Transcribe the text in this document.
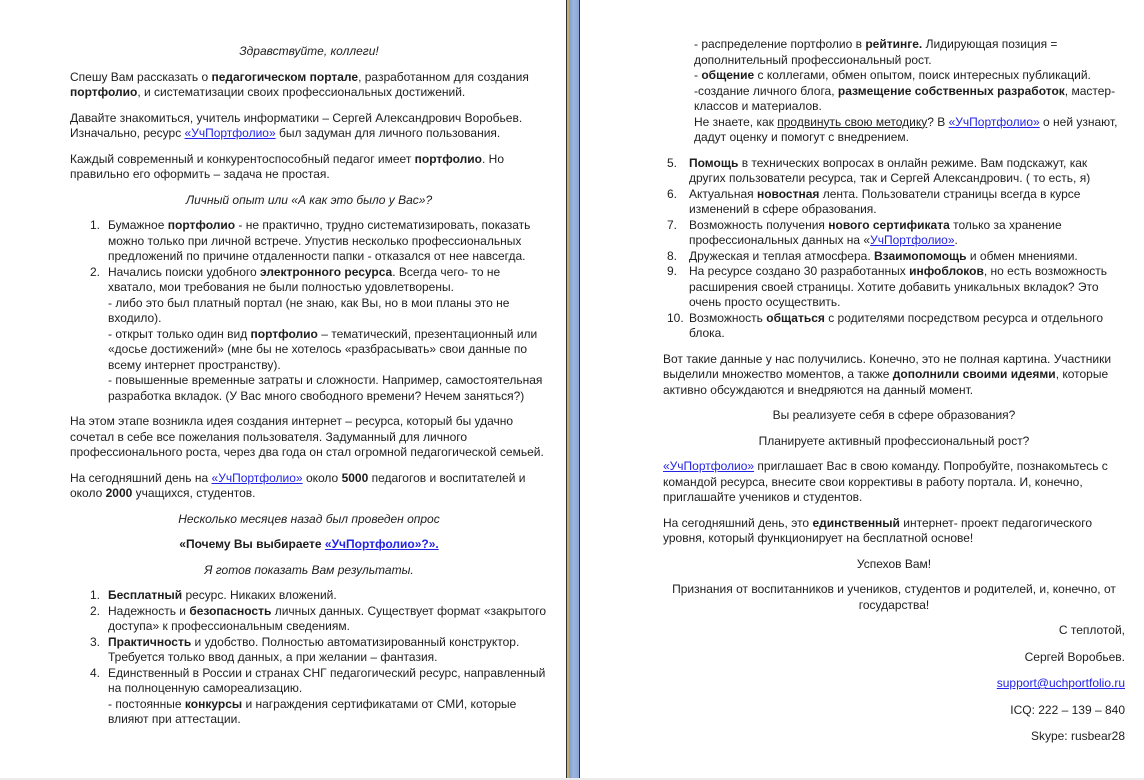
Здравствуйте, коллеги!
Спешу Вам рассказать о педагогическом портале, разработанном для создания портфолио, и систематизации своих профессиональных достижений.
Давайте знакомиться, учитель информатики – Сергей Александрович Воробьев. Изначально, ресурс «УчПортфолио» был задуман для личного пользования.
Каждый современный и конкурентоспособный педагог имеет портфолио. Но правильно его оформить – задача не простая.
Личный опыт или «А как это было у Вас»?
1. Бумажное портфолио - не практично, трудно систематизировать, показать можно только при личной встрече. Упустив несколько профессиональных предложений по причине отдаленности папки - отказался от нее навсегда.
2. Начались поиски удобного электронного ресурса. Всегда чего- то не хватало, мои требования не были полностью удовлетворены.
- либо это был платный портал (не знаю, как Вы, но в мои планы это не входило).
- открыт только один вид портфолио – тематический, презентационный или «досье достижений» (мне бы не хотелось «разбрасывать» свои данные по всему интернет пространству).
- повышенные временные затраты и сложности. Например, самостоятельная разработка вкладок. (У Вас много свободного времени? Нечем заняться?)
На этом этапе возникла идея создания интернет – ресурса, который бы удачно сочетал в себе все пожелания пользователя. Задуманный для личного профессионального роста, через два года он стал огромной педагогической семьей.
На сегодняшний день на «УчПортфолио» около 5000 педагогов и воспитателей и около 2000 учащихся, студентов.
Несколько месяцев назад был проведен опрос
«Почему Вы выбираете «УчПортфолио»?».
Я готов показать Вам результаты.
1. Бесплатный ресурс. Никаких вложений.
2. Надежность и безопасность личных данных. Существует формат «закрытого доступа» к профессиональным сведениям.
3. Практичность и удобство. Полностью автоматизированный конструктор. Требуется только ввод данных, а при желании – фантазия.
4. Единственный в России и странах СНГ педагогический ресурс, направленный на полноценную самореализацию.
- постоянные конкурсы и награждения сертификатами от СМИ, которые влияют при аттестации.
- распределение портфолио в рейтинге. Лидирующая позиция = дополнительный профессиональный рост.
- общение с коллегами, обмен опытом, поиск интересных публикаций.
-создание личного блога, размещение собственных разработок, мастер- классов и материалов.
Не знаете, как продвинуть свою методику? В «УчПортфолио» о ней узнают, дадут оценку и помогут с внедрением.
5. Помощь в технических вопросах в онлайн режиме. Вам подскажут, как других пользователи ресурса, так и Сергей Александрович. ( то есть, я)
6. Актуальная новостная лента. Пользователи страницы всегда в курсе изменений в сфере образования.
7. Возможность получения нового сертификата только за хранение профессиональных данных на «УчПортфолио».
8. Дружеская и теплая атмосфера. Взаимопомощь и обмен мнениями.
9. На ресурсе создано 30 разработанных инфоблоков, но есть возможность расширения своей страницы. Хотите добавить уникальных вкладок? Это очень просто осуществить.
10. Возможность общаться с родителями посредством ресурса и отдельного блока.
Вот такие данные у нас получились. Конечно, это не полная картина. Участники выделили множество моментов, а также дополнили своими идеями, которые активно обсуждаются и внедряются на данный момент.
Вы реализуете себя в сфере образования?
Планируете активный профессиональный рост?
«УчПортфолио» приглашает Вас в свою команду. Попробуйте, познакомьтесь с командой ресурса, внесите свои коррективы в работу портала. И, конечно, приглашайте учеников и студентов.
На сегодняшний день, это единственный интернет- проект педагогического уровня, который функционирует на бесплатной основе!
Успехов Вам!
Признания от воспитанников и учеников, студентов и родителей, и, конечно, от государства!
С теплотой,
Сергей Воробьев.
support@uchportfolio.ru
ICQ: 222 – 139 – 840
Skype: rusbear28
